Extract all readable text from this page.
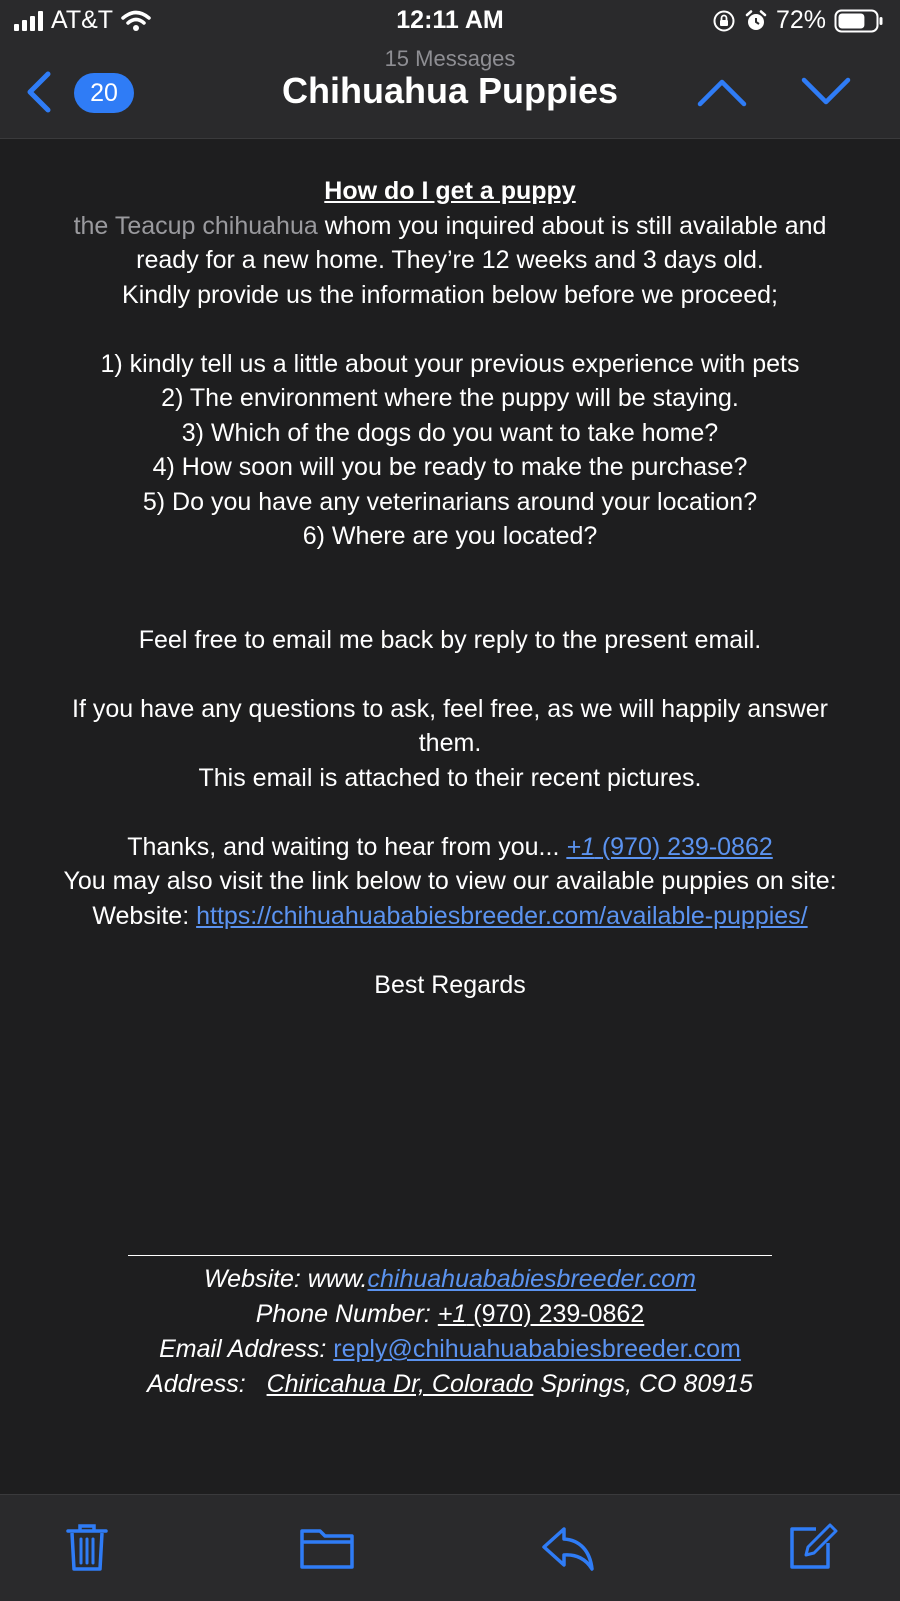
AT&T	12:11 AM	72%
15 Messages
20	Chihuahua Puppies

How do I get a puppy

the Teacup chihuahua whom you inquired about is still available and ready for a new home. They’re 12 weeks and 3 days old.

Kindly provide us the information below before we proceed;

1) kindly tell us a little about your previous experience with pets

2) The environment where the puppy will be staying.

3) Which of the dogs do you want to take home?

4) How soon will you be ready to make the purchase?

5) Do you have any veterinarians around your location?

6) Where are you located?

Feel free to email me back by reply to the present email.

If you have any questions to ask, feel free, as we will happily answer them.

This email is attached to their recent pictures.

Thanks, and waiting to hear from you... +1 (970) 239-0862

You may also visit the link below to view our available puppies on site:

Website: https://chihuahuababiesbreeder.com/available-puppies/

Best Regards

Website: www.chihuahuababiesbreeder.com
Phone Number: +1 (970) 239-0862
Email Address: reply@chihuahuababiesbreeder.com
Address: Chiricahua Dr, Colorado Springs, CO 80915
